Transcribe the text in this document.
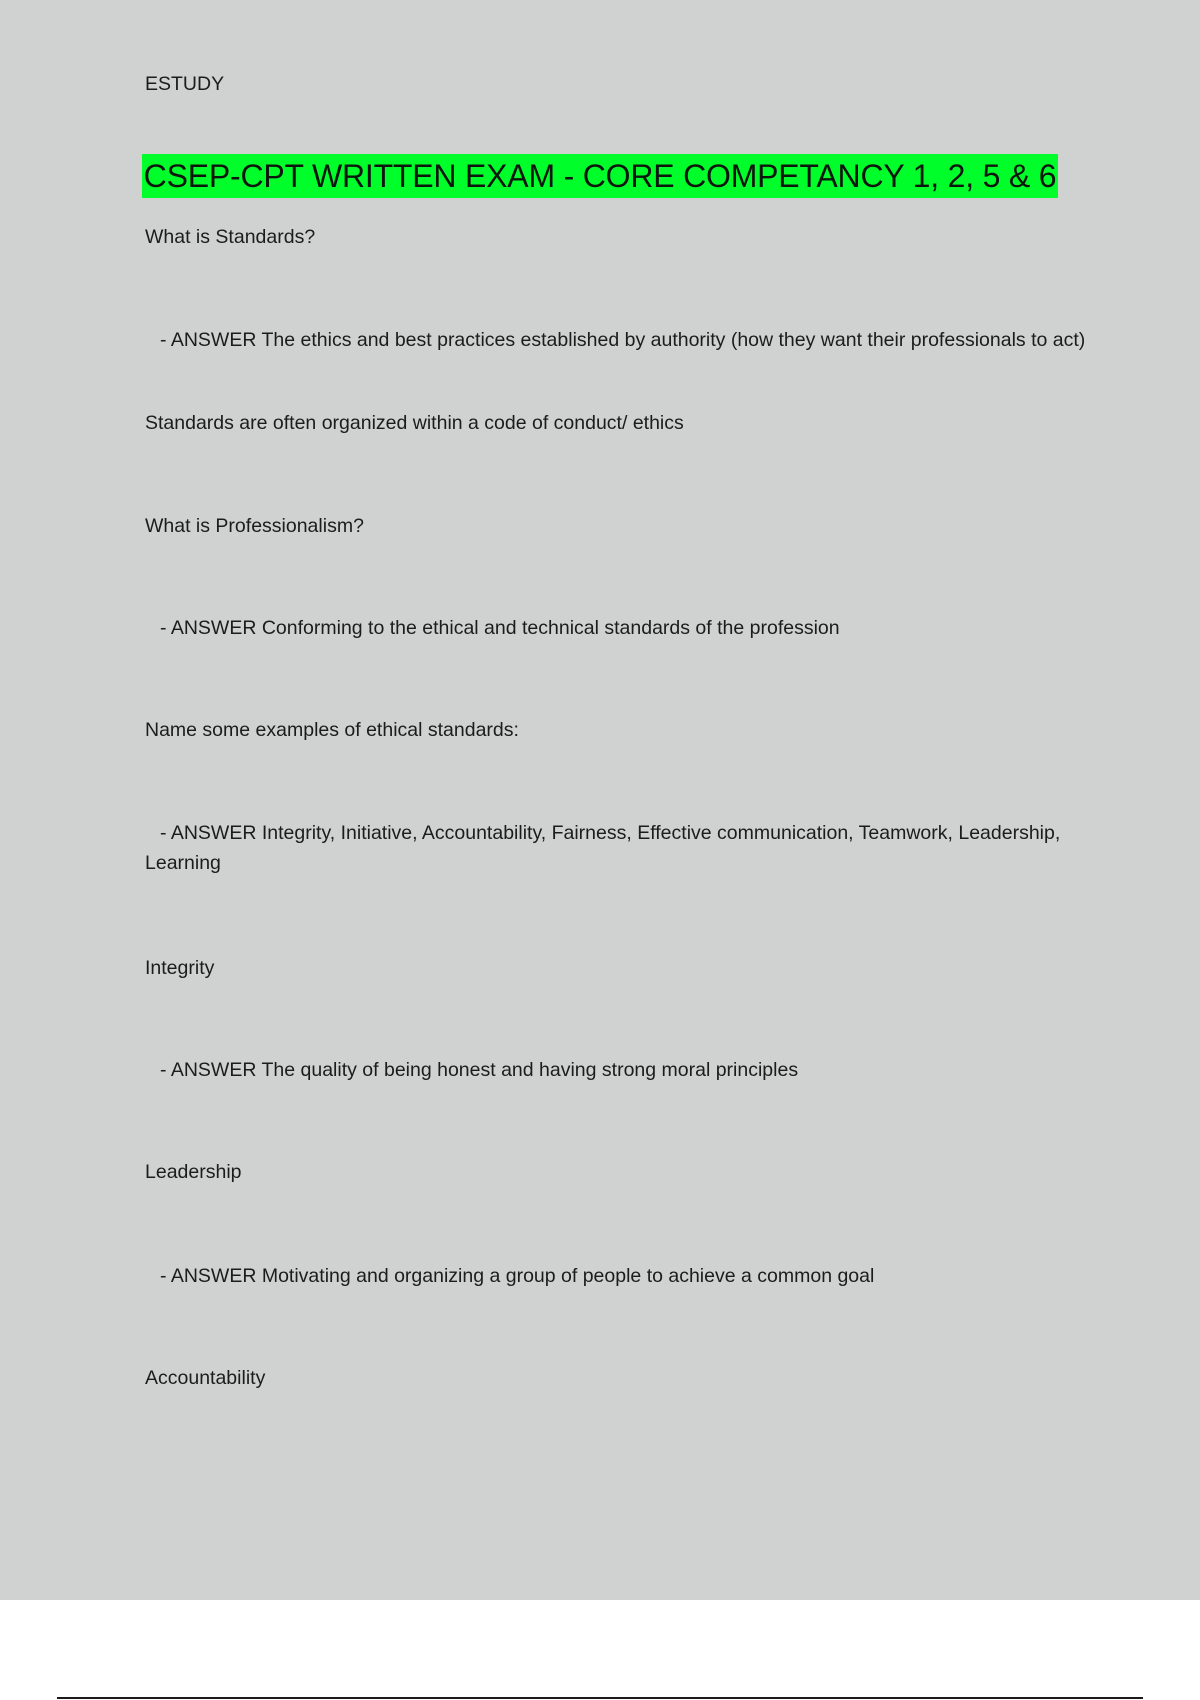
ESTUDY
CSEP-CPT WRITTEN EXAM - CORE COMPETANCY 1, 2, 5 & 6
What is Standards?
- ANSWER The ethics and best practices established by authority (how they want their professionals to act)
Standards are often organized within a code of conduct/ ethics
What is Professionalism?
- ANSWER Conforming to the ethical and technical standards of the profession
Name some examples of ethical standards:
- ANSWER Integrity, Initiative, Accountability, Fairness, Effective communication, Teamwork, Leadership, Learning
Integrity
- ANSWER The quality of being honest and having strong moral principles
Leadership
- ANSWER Motivating and organizing a group of people to achieve a common goal
Accountability
